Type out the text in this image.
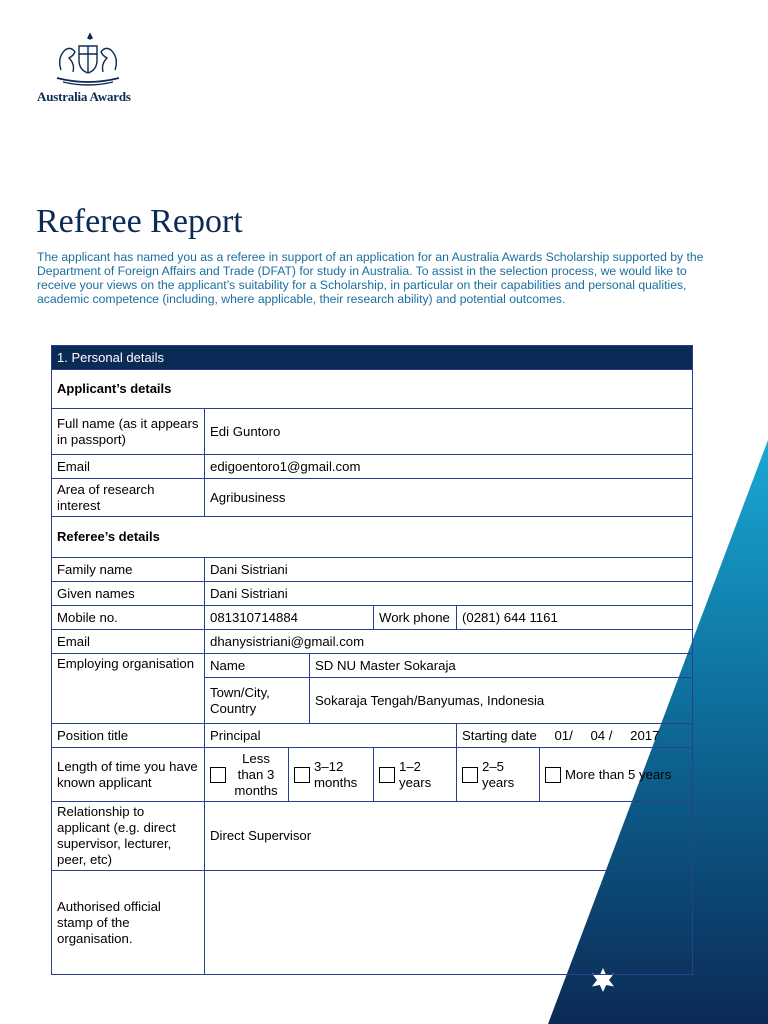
Australia Awards
Referee Report

The applicant has named you as a referee in support of an application for an Australia Awards Scholarship supported by the Department of Foreign Affairs and Trade (DFAT) for study in Australia. To assist in the selection process, we would like to receive your views on the applicant’s suitability for a Scholarship, in particular on their capabilities and personal qualities, academic competence (including, where applicable, their research ability) and potential outcomes.

1. Personal details						
Applicant’s details						
Full name (as it appears in passport)	Edi Guntoro					
Email	edigoentoro1@gmail.com					
Area of research interest	Agribusiness					
Referee’s details						
Family name	Dani Sistriani					
Given names	Dani Sistriani					
Mobile no.	081310714884			Work phone	(0281) 644 1161	
Email	dhanysistriani@gmail.com					
Employing organisation	Name		SD NU Master Sokaraja			
	Town/City, Country		Sokaraja Tengah/Banyumas, Indonesia			
Position title	Principal				Starting date 01/ 04 / 2017	
Length of time you have known applicant	Less than 3 months	3–12 months		1–2 years	2–5 years	More than 5 years

Relationship to applicant (e.g. direct supervisor, lecturer, peer, etc)	Direct Supervisor					
Authorised official stamp of the organisation.						
